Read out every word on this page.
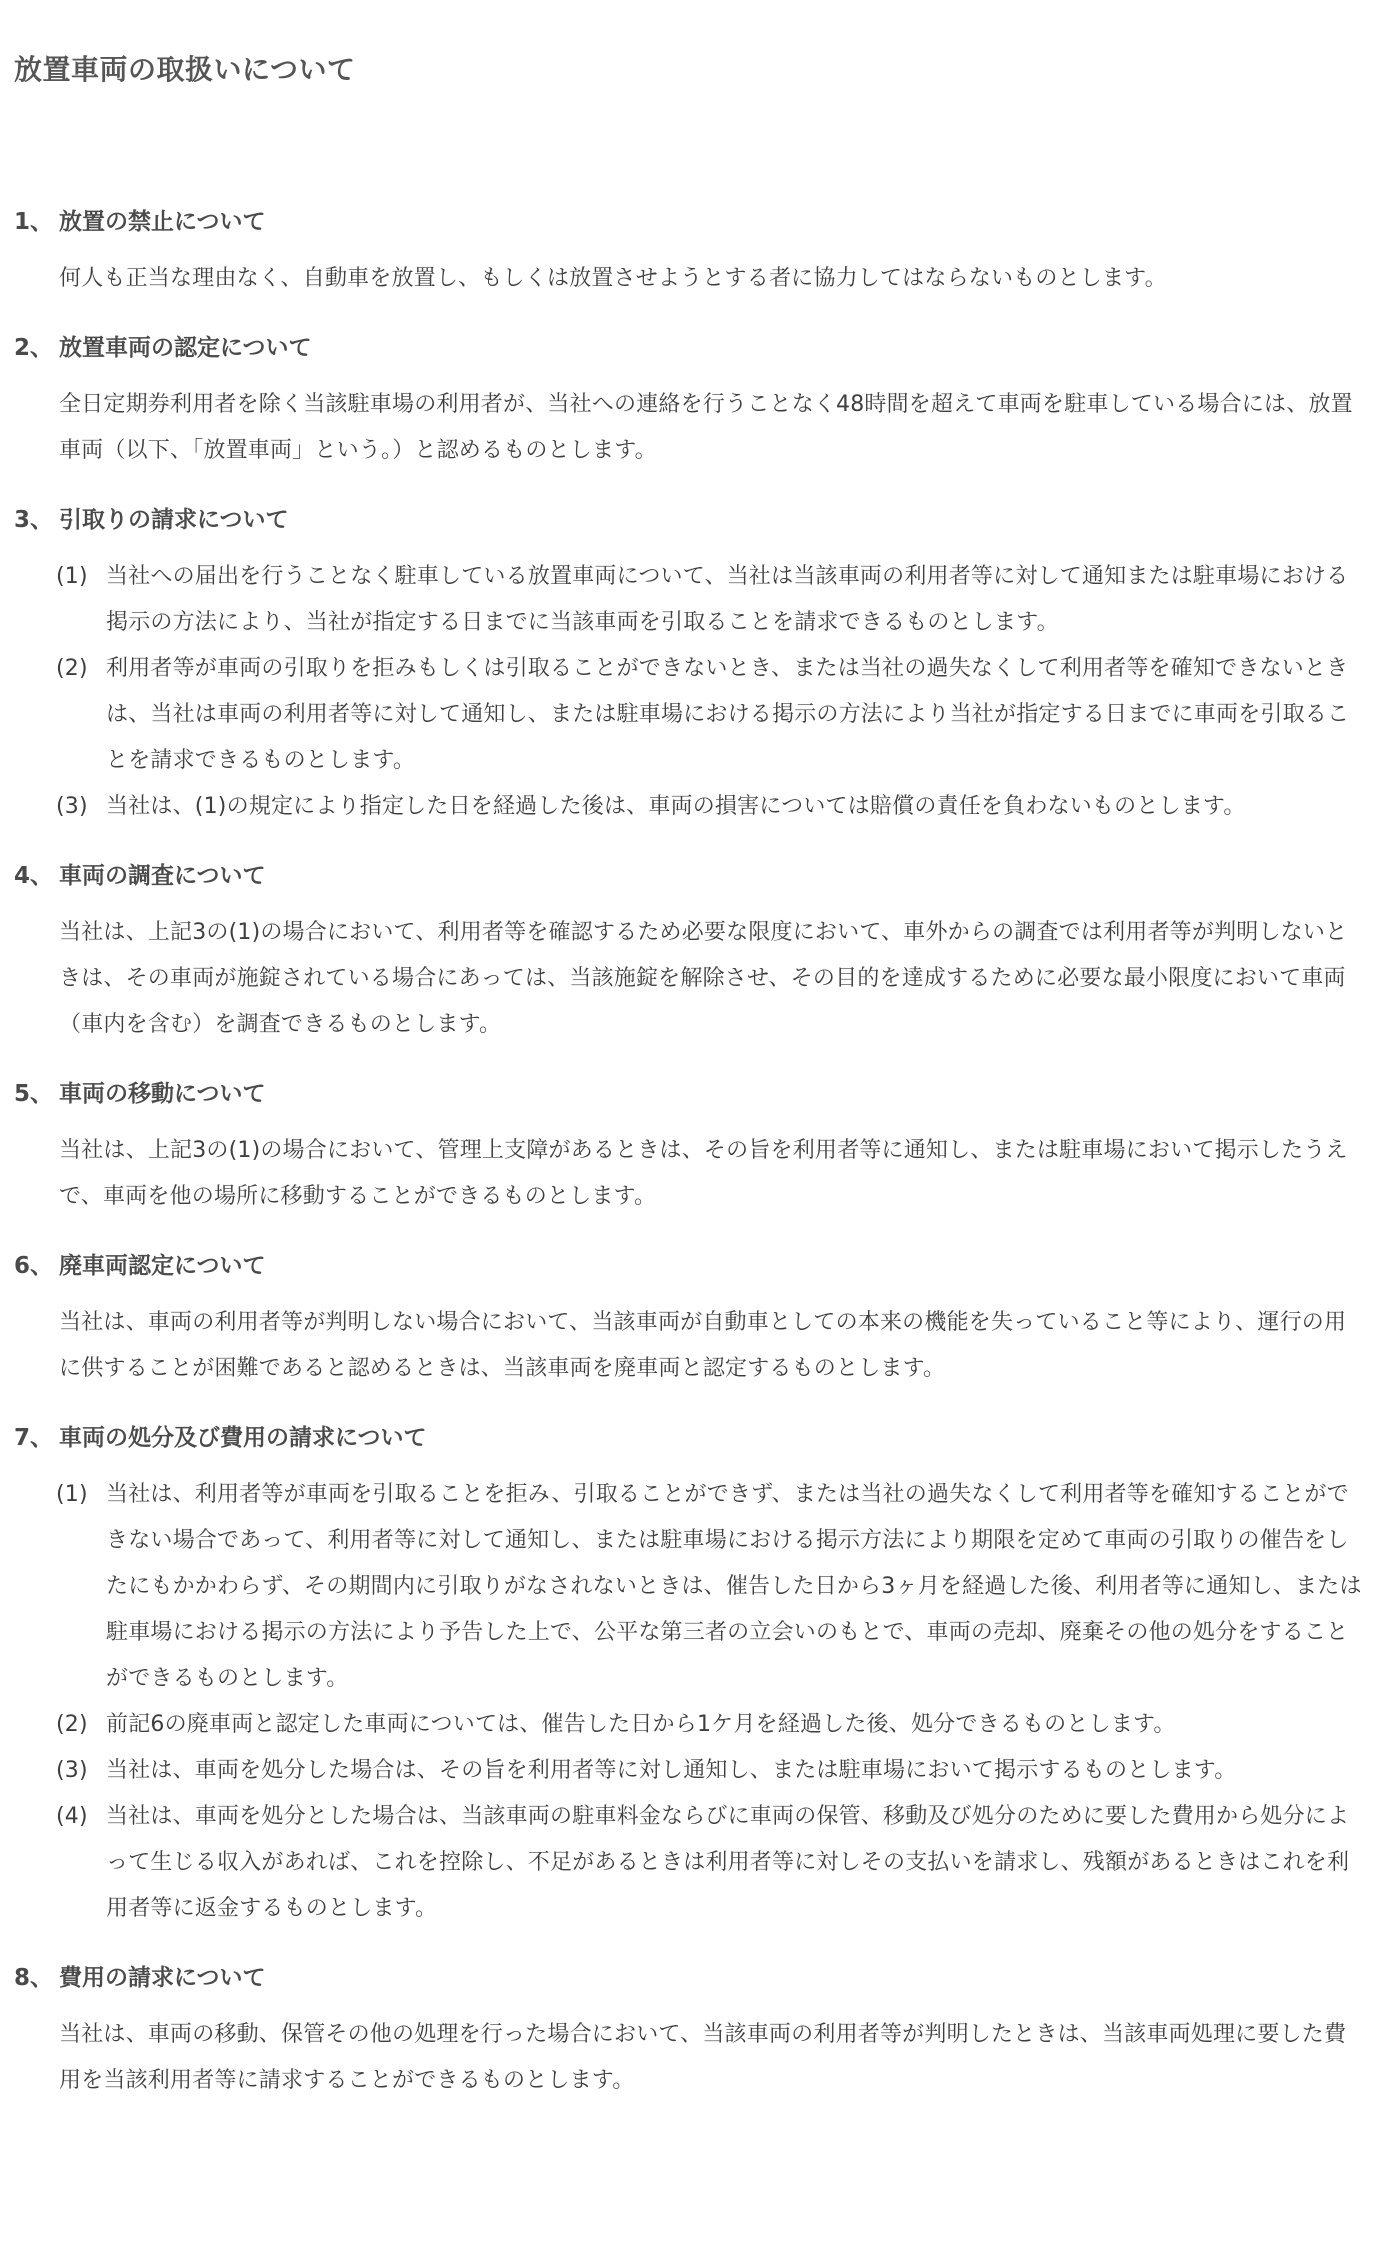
放置車両の取扱いについて
1、 放置の禁止について

何人も正当な理由なく、自動車を放置し、もしくは放置させようとする者に協力してはならないものとします。

2、 放置車両の認定について

全日定期券利用者を除く当該駐車場の利用者が、当社への連絡を行うことなく48時間を超えて車両を駐車している場合には、放置車両（以下、「放置車両」という。）と認めるものとします。

3、 引取りの請求について
(1) 当社への届出を行うことなく駐車している放置車両について、当社は当該車両の利用者等に対して通知または駐車場における掲示の方法により、当社が指定する日までに当該車両を引取ることを請求できるものとします。
(2) 利用者等が車両の引取りを拒みもしくは引取ることができないとき、または当社の過失なくして利用者等を確知できないときは、当社は車両の利用者等に対して通知し、または駐車場における掲示の方法により当社が指定する日までに車両を引取ることを請求できるものとします。
(3) 当社は、(1)の規定により指定した日を経過した後は、車両の損害については賠償の責任を負わないものとします。
4、 車両の調査について

当社は、上記3の(1)の場合において、利用者等を確認するため必要な限度において、車外からの調査では利用者等が判明しないときは、その車両が施錠されている場合にあっては、当該施錠を解除させ、その目的を達成するために必要な最小限度において車両（車内を含む）を調査できるものとします。

5、 車両の移動について

当社は、上記3の(1)の場合において、管理上支障があるときは、その旨を利用者等に通知し、または駐車場において掲示したうえで、車両を他の場所に移動することができるものとします。

6、 廃車両認定について

当社は、車両の利用者等が判明しない場合において、当該車両が自動車としての本来の機能を失っていること等により、運行の用に供することが困難であると認めるときは、当該車両を廃車両と認定するものとします。

7、 車両の処分及び費用の請求について
(1) 当社は、利用者等が車両を引取ることを拒み、引取ることができず、または当社の過失なくして利用者等を確知することができない場合であって、利用者等に対して通知し、または駐車場における掲示方法により期限を定めて車両の引取りの催告をしたにもかかわらず、その期間内に引取りがなされないときは、催告した日から3ヶ月を経過した後、利用者等に通知し、または駐車場における掲示の方法により予告した上で、公平な第三者の立会いのもとで、車両の売却、廃棄その他の処分をすることができるものとします。
(2) 前記6の廃車両と認定した車両については、催告した日から1ケ月を経過した後、処分できるものとします。
(3) 当社は、車両を処分した場合は、その旨を利用者等に対し通知し、または駐車場において掲示するものとします。
(4) 当社は、車両を処分とした場合は、当該車両の駐車料金ならびに車両の保管、移動及び処分のために要した費用から処分によって生じる収入があれば、これを控除し、不足があるときは利用者等に対しその支払いを請求し、残額があるときはこれを利用者等に返金するものとします。
8、 費用の請求について

当社は、車両の移動、保管その他の処理を行った場合において、当該車両の利用者等が判明したときは、当該車両処理に要した費用を当該利用者等に請求することができるものとします。
